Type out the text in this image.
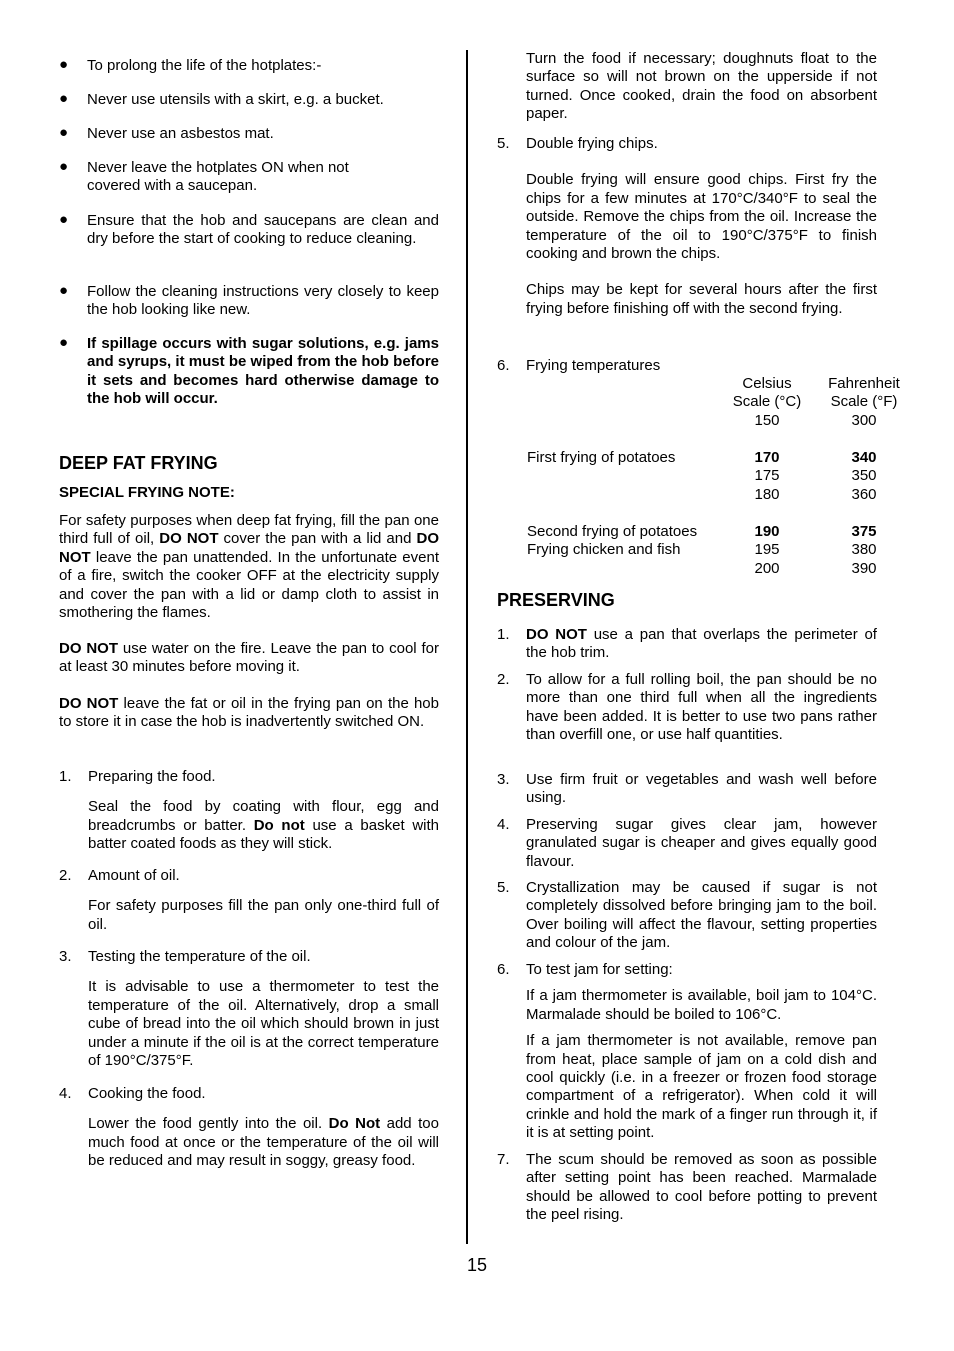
● To prolong the life of the hotplates:-
● Never use utensils with a skirt, e.g. a bucket.
● Never use an asbestos mat.
● Never leave the hotplates ON when not covered with a saucepan.
● Ensure that the hob and saucepans are clean and dry before the start of cooking to reduce cleaning.
● Follow the cleaning instructions very closely to keep the hob looking like new.
● If spillage occurs with sugar solutions, e.g. jams and syrups, it must be wiped from the hob before it sets and becomes hard otherwise damage to the hob will occur.
DEEP FAT FRYING
SPECIAL FRYING NOTE:
For safety purposes when deep fat frying, fill the pan one third full of oil, DO NOT cover the pan with a lid and DO NOT leave the pan unattended. In the unfortunate event of a fire, switch the cooker OFF at the electricity supply and cover the pan with a lid or damp cloth to assist in smothering the flames.
DO NOT use water on the fire. Leave the pan to cool for at least 30 minutes before moving it.
DO NOT leave the fat or oil in the frying pan on the hob to store it in case the hob is inadvertently switched ON.
1. Preparing the food.
Seal the food by coating with flour, egg and breadcrumbs or batter. Do not use a basket with batter coated foods as they will stick.
2. Amount of oil.
For safety purposes fill the pan only one-third full of oil.
3. Testing the temperature of the oil.
It is advisable to use a thermometer to test the temperature of the oil. Alternatively, drop a small cube of bread into the oil which should brown in just under a minute if the oil is at the correct temperature of 190°C/375°F.
4. Cooking the food.
Lower the food gently into the oil. Do Not add too much food at once or the temperature of the oil will be reduced and may result in soggy, greasy food.
Turn the food if necessary; doughnuts float to the surface so will not brown on the upperside if not turned. Once cooked, drain the food on absorbent paper.
5. Double frying chips.
Double frying will ensure good chips. First fry the chips for a few minutes at 170°C/340°F to seal the outside. Remove the chips from the oil. Increase the temperature of the oil to 190°C/375°F to finish cooking and brown the chips.
Chips may be kept for several hours after the first frying before finishing off with the second frying.
6. Frying temperatures
Celsius
Scale (°C)
Fahrenheit
Scale (°F)
150	300
First frying of potatoes	170	340
175	350
180	360
Second frying of potatoes	190	375
Frying chicken and fish	195	380
200	390
PRESERVING
1. DO NOT use a pan that overlaps the perimeter of the hob trim.
2. To allow for a full rolling boil, the pan should be no more than one third full when all the ingredients have been added. It is better to use two pans rather than overfill one, or use half quantities.
3. Use firm fruit or vegetables and wash well before using.
4. Preserving sugar gives clear jam, however granulated sugar is cheaper and gives equally good flavour.
5. Crystallization may be caused if sugar is not completely dissolved before bringing jam to the boil. Over boiling will affect the flavour, setting properties and colour of the jam.
6. To test jam for setting:
If a jam thermometer is available, boil jam to 104°C. Marmalade should be boiled to 106°C.
If a jam thermometer is not available, remove pan from heat, place sample of jam on a cold dish and cool quickly (i.e. in a freezer or frozen food storage compartment of a refrigerator). When cold it will crinkle and hold the mark of a finger run through it, if it is at setting point.
7. The scum should be removed as soon as possible after setting point has been reached. Marmalade should be allowed to cool before potting to prevent the peel rising.
15
